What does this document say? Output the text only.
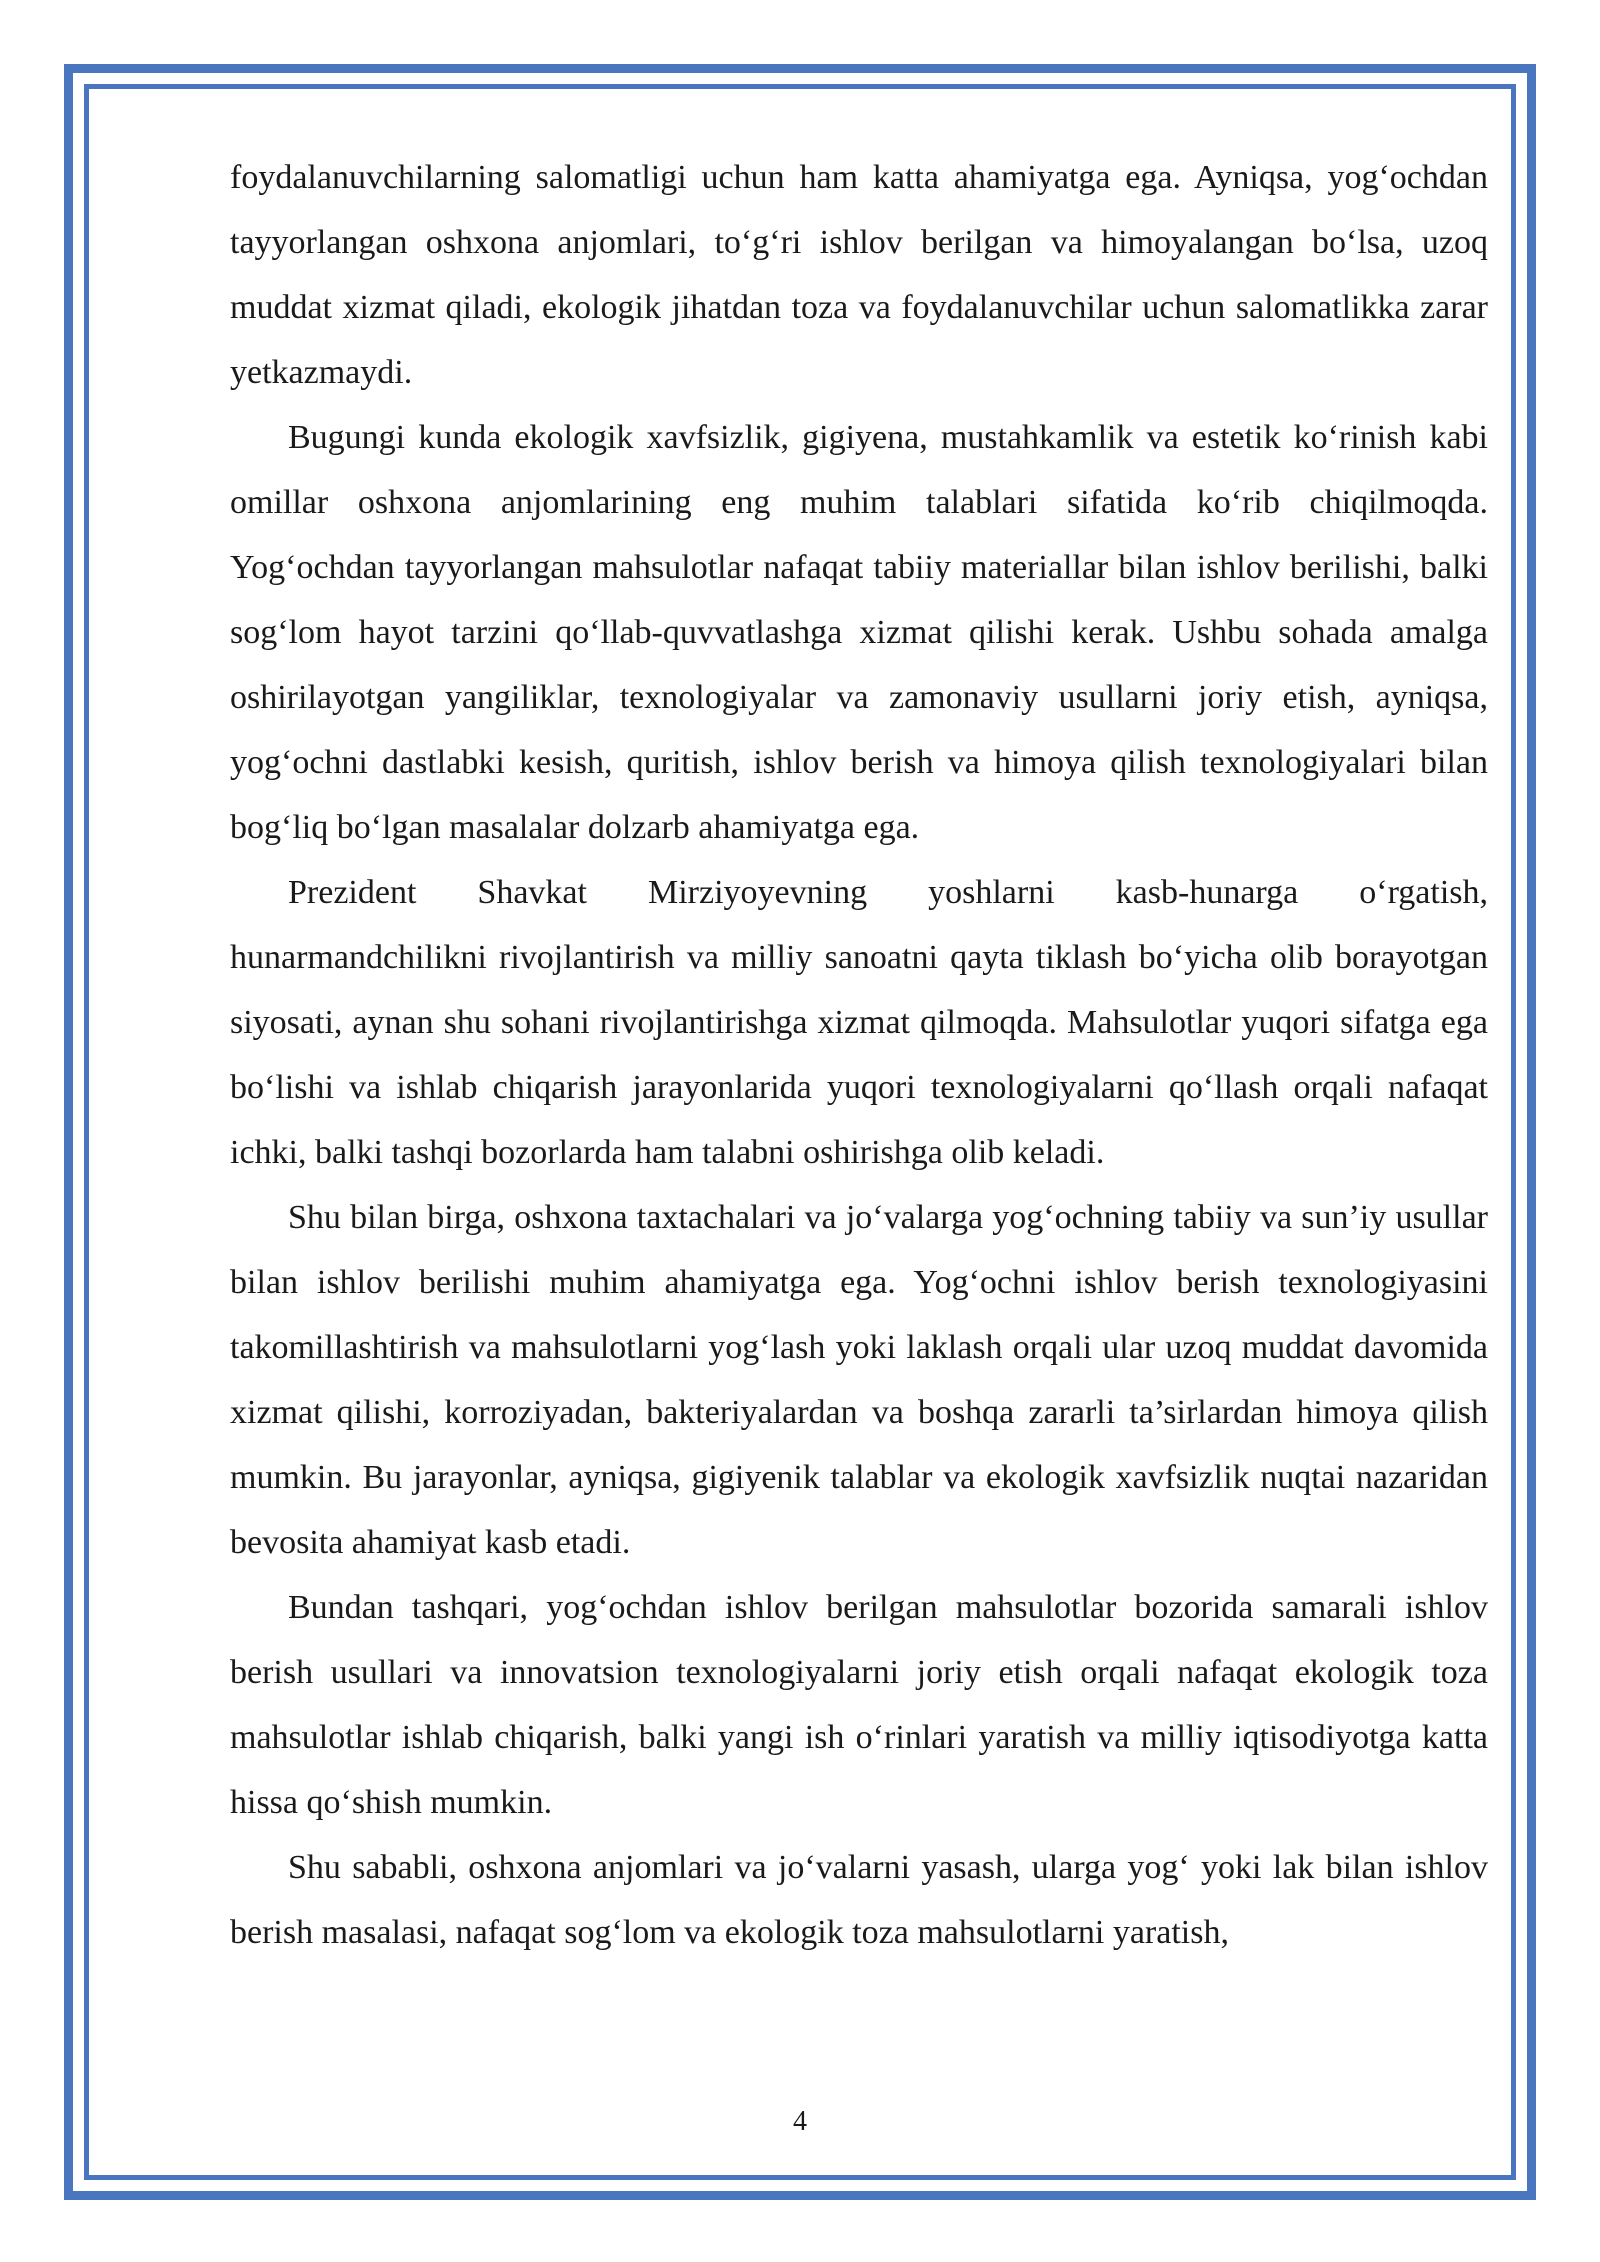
foydalanuvchilarning salomatligi uchun ham katta ahamiyatga ega. Ayniqsa, yog‘ochdan tayyorlangan oshxona anjomlari, to‘g‘ri ishlov berilgan va himoyalangan bo‘lsa, uzoq muddat xizmat qiladi, ekologik jihatdan toza va foydalanuvchilar uchun salomatlikka zarar yetkazmaydi.

Bugungi kunda ekologik xavfsizlik, gigiyena, mustahkamlik va estetik ko‘rinish kabi omillar oshxona anjomlarining eng muhim talablari sifatida ko‘rib chiqilmoqda. Yog‘ochdan tayyorlangan mahsulotlar nafaqat tabiiy materiallar bilan ishlov berilishi, balki sog‘lom hayot tarzini qo‘llab-quvvatlashga xizmat qilishi kerak. Ushbu sohada amalga oshirilayotgan yangiliklar, texnologiyalar va zamonaviy usullarni joriy etish, ayniqsa, yog‘ochni dastlabki kesish, quritish, ishlov berish va himoya qilish texnologiyalari bilan bog‘liq bo‘lgan masalalar dolzarb ahamiyatga ega.

Prezident Shavkat Mirziyoyevning yoshlarni kasb-hunarga o‘rgatish, hunarmandchilikni rivojlantirish va milliy sanoatni qayta tiklash bo‘yicha olib borayotgan siyosati, aynan shu sohani rivojlantirishga xizmat qilmoqda. Mahsulotlar yuqori sifatga ega bo‘lishi va ishlab chiqarish jarayonlarida yuqori texnologiyalarni qo‘llash orqali nafaqat ichki, balki tashqi bozorlarda ham talabni oshirishga olib keladi.

Shu bilan birga, oshxona taxtachalari va jo‘valarga yog‘ochning tabiiy va sun’iy usullar bilan ishlov berilishi muhim ahamiyatga ega. Yog‘ochni ishlov berish texnologiyasini takomillashtirish va mahsulotlarni yog‘lash yoki laklash orqali ular uzoq muddat davomida xizmat qilishi, korroziyadan, bakteriyalardan va boshqa zararli ta’sirlardan himoya qilish mumkin. Bu jarayonlar, ayniqsa, gigiyenik talablar va ekologik xavfsizlik nuqtai nazaridan bevosita ahamiyat kasb etadi.

Bundan tashqari, yog‘ochdan ishlov berilgan mahsulotlar bozorida samarali ishlov berish usullari va innovatsion texnologiyalarni joriy etish orqali nafaqat ekologik toza mahsulotlar ishlab chiqarish, balki yangi ish o‘rinlari yaratish va milliy iqtisodiyotga katta hissa qo‘shish mumkin.

Shu sababli, oshxona anjomlari va jo‘valarni yasash, ularga yog‘ yoki lak bilan ishlov berish masalasi, nafaqat sog‘lom va ekologik toza mahsulotlarni yaratish,

4
